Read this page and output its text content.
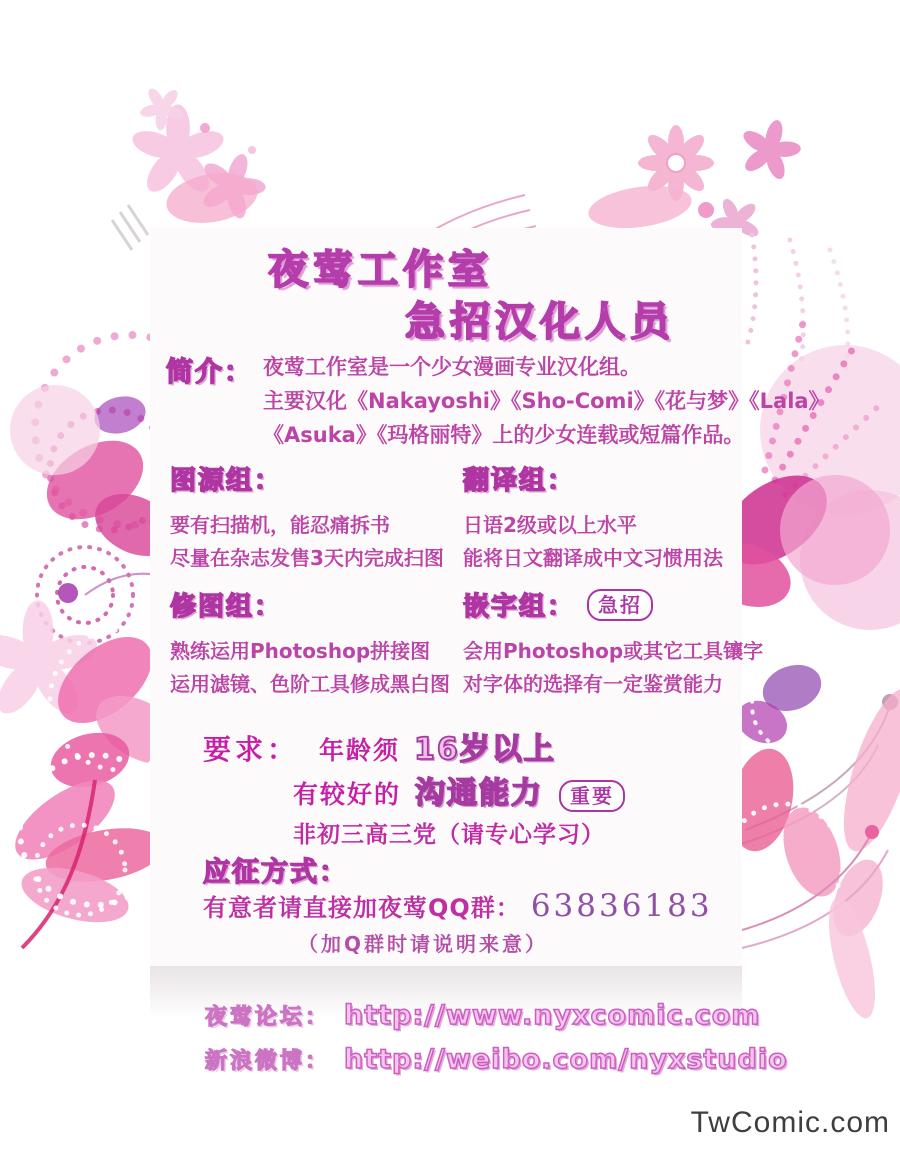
夜莺工作室
急招汉化人员
简介： 夜莺工作室是一个少女漫画专业汉化组。
主要汉化《Nakayoshi》《Sho-Comi》《花与梦》《Lala》
《Asuka》《玛格丽特》上的少女连载或短篇作品。
图源组：
要有扫描机，能忍痛拆书
尽量在杂志发售3天内完成扫图
翻译组：
日语2级或以上水平
能将日文翻译成中文习惯用法
修图组：
熟练运用Photoshop拼接图
运用滤镜、色阶工具修成黑白图
嵌字组：	急招
会用Photoshop或其它工具镶字
对字体的选择有一定鉴赏能力
要求： 年龄须 16岁以上
有较好的 沟通能力	重要
非初三高三党（请专心学习）
应征方式：
有意者请直接加夜莺QQ群： 63836183
（加Q群时请说明来意）
夜莺论坛： http://www.nyxcomic.com
新浪微博： http://weibo.com/nyxstudio
TwComic.com
